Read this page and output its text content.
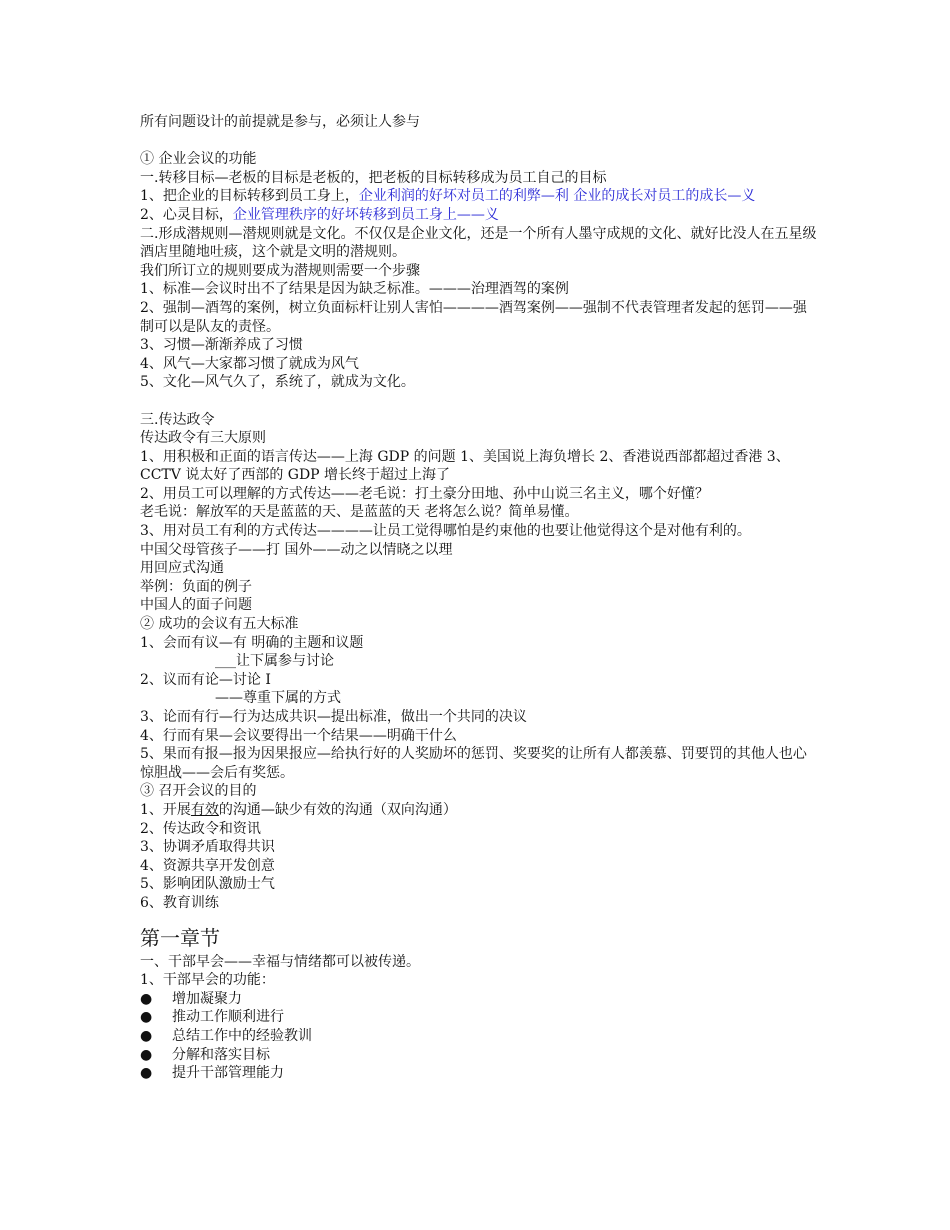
所有问题设计的前提就是参与，必须让人参与
① 企业会议的功能
一.转移目标—老板的目标是老板的，把老板的目标转移成为员工自己的目标
1、把企业的目标转移到员工身上，企业利润的好坏对员工的利弊—利 企业的成长对员工的成长—义
2、心灵目标，企业管理秩序的好坏转移到员工身上——义
二.形成潜规则—潜规则就是文化。不仅仅是企业文化，还是一个所有人墨守成规的文化、就好比没人在五星级酒店里随地吐痰，这个就是文明的潜规则。
我们所订立的规则要成为潜规则需要一个步骤
1、标准—会议时出不了结果是因为缺乏标准。———治理酒驾的案例
2、强制—酒驾的案例，树立负面标杆让别人害怕————酒驾案例——强制不代表管理者发起的惩罚——强制可以是队友的责怪。
3、习惯—渐渐养成了习惯
4、风气—大家都习惯了就成为风气
5、文化—风气久了，系统了，就成为文化。
三.传达政令
传达政令有三大原则
1、用积极和正面的语言传达——上海 GDP 的问题 1、美国说上海负增长 2、香港说西部都超过香港 3、CCTV 说太好了西部的 GDP 增长终于超过上海了
2、用员工可以理解的方式传达——老毛说：打土豪分田地、孙中山说三名主义，哪个好懂？
老毛说：解放军的天是蓝蓝的天、是蓝蓝的天 老将怎么说？简单易懂。
3、用对员工有利的方式传达————让员工觉得哪怕是约束他的也要让他觉得这个是对他有利的。
中国父母管孩子——打 国外——动之以情晓之以理
用回应式沟通
举例：负面的例子
中国人的面子问题
② 成功的会议有五大标准
1、会而有议—有 明确的主题和议题
___让下属参与讨论
2、议而有论—讨论 I
——尊重下属的方式
3、论而有行—行为达成共识—提出标准，做出一个共同的决议
4、行而有果—会议要得出一个结果——明确干什么
5、果而有报—报为因果报应—给执行好的人奖励坏的惩罚、奖要奖的让所有人都羡慕、罚要罚的其他人也心惊胆战——会后有奖惩。
③ 召开会议的目的
1、开展有效的沟通—缺少有效的沟通（双向沟通）
2、传达政令和资讯
3、协调矛盾取得共识
4、资源共享开发创意
5、影响团队激励士气
6、教育训练
第一章节
一、干部早会——幸福与情绪都可以被传递。
1、干部早会的功能：
●	增加凝聚力
●	推动工作顺利进行
●	总结工作中的经验教训
●	分解和落实目标
●	提升干部管理能力
